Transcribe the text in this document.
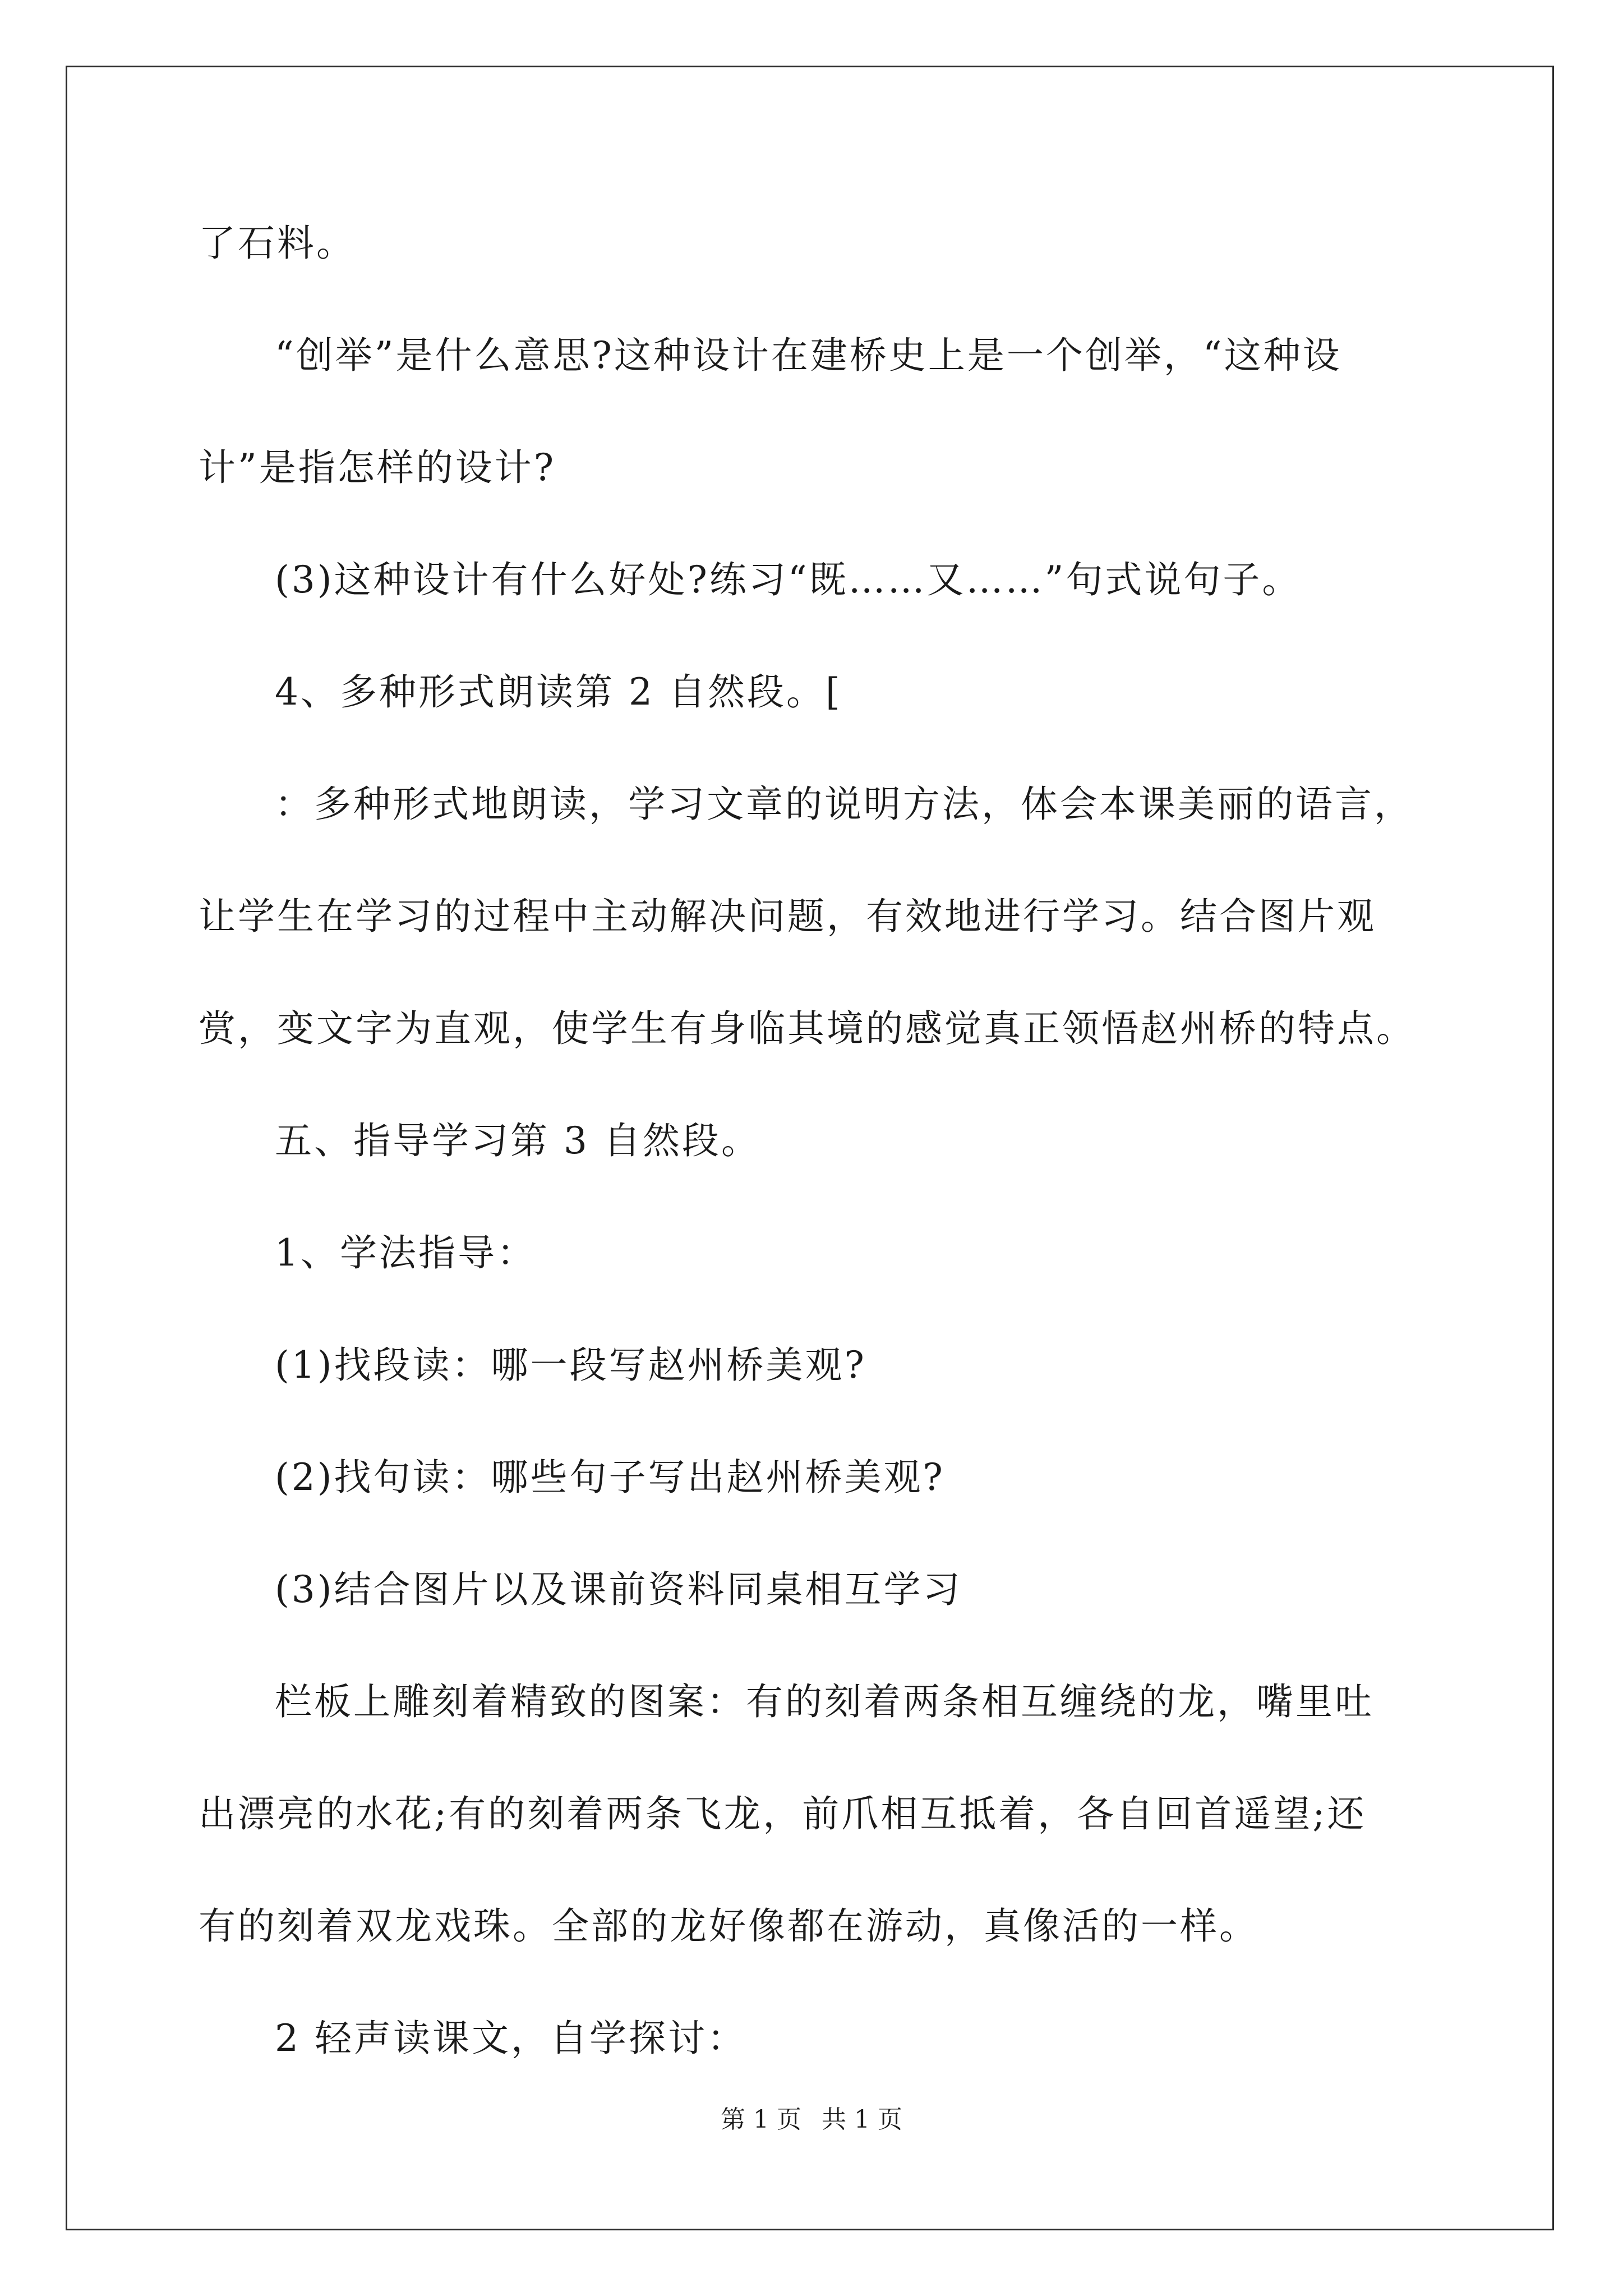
了石料。
“创举”是什么意思?这种设计在建桥史上是一个创举，“这种设
计”是指怎样的设计?
(3)这种设计有什么好处?练习“既……又……”句式说句子。
4、多种形式朗读第 2 自然段。[
：多种形式地朗读，学习文章的说明方法，体会本课美丽的语言，
让学生在学习的过程中主动解决问题，有效地进行学习。结合图片观
赏，变文字为直观，使学生有身临其境的感觉真正领悟赵州桥的特点。
五、指导学习第 3 自然段。
1、学法指导：
(1)找段读：哪一段写赵州桥美观?
(2)找句读：哪些句子写出赵州桥美观?
(3)结合图片以及课前资料同桌相互学习
栏板上雕刻着精致的图案：有的刻着两条相互缠绕的龙，嘴里吐
出漂亮的水花;有的刻着两条飞龙，前爪相互抵着，各自回首遥望;还
有的刻着双龙戏珠。全部的龙好像都在游动，真像活的一样。
2 轻声读课文，自学探讨：
第 1 页 共 1 页
